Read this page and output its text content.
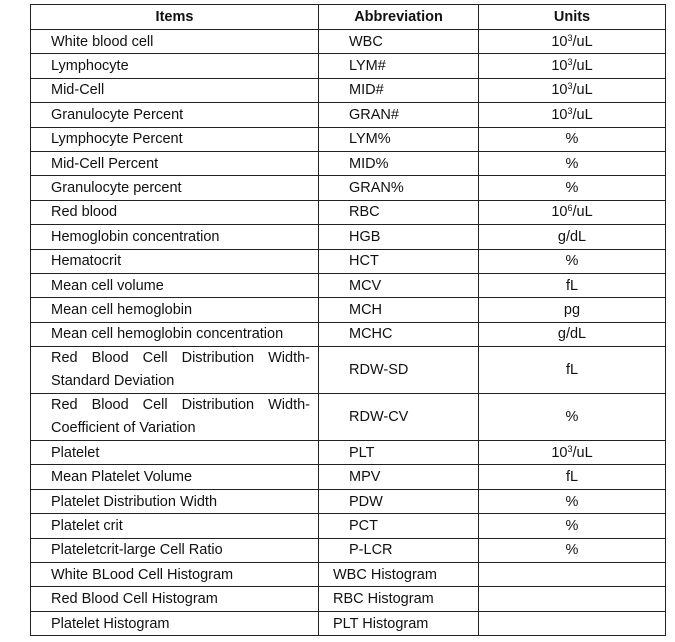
Items	Abbreviation	Units
White blood cell	WBC	$10^3/uL$
Lymphocyte	LYM#	$10^3/uL$
Mid-Cell	MID#	$10^3/uL$
Granulocyte Percent	GRAN#	$10^3/uL$
Lymphocyte Percent	LYM%	%
Mid-Cell Percent	MID%	%
Granulocyte percent	GRAN%	%
Red blood	RBC	$10^6/uL$
Hemoglobin concentration	HGB	g/dL
Hematocrit	HCT	%
Mean cell volume	MCV	fL
Mean cell hemoglobin	MCH	pg
Mean cell hemoglobin concentration	MCHC	g/dL
Red Blood Cell Distribution Width-Standard Deviation	RDW-SD	fL
Red Blood Cell Distribution Width-Coefficient of Variation	RDW-CV	%
Platelet	PLT	$10^3/uL$
Mean Platelet Volume	MPV	fL
Platelet Distribution Width	PDW	%
Platelet crit	PCT	%
Plateletcrit-large Cell Ratio	P-LCR	%
White BLood Cell Histogram	WBC Histogram	
Red Blood Cell Histogram	RBC Histogram	
Platelet Histogram	PLT Histogram	
